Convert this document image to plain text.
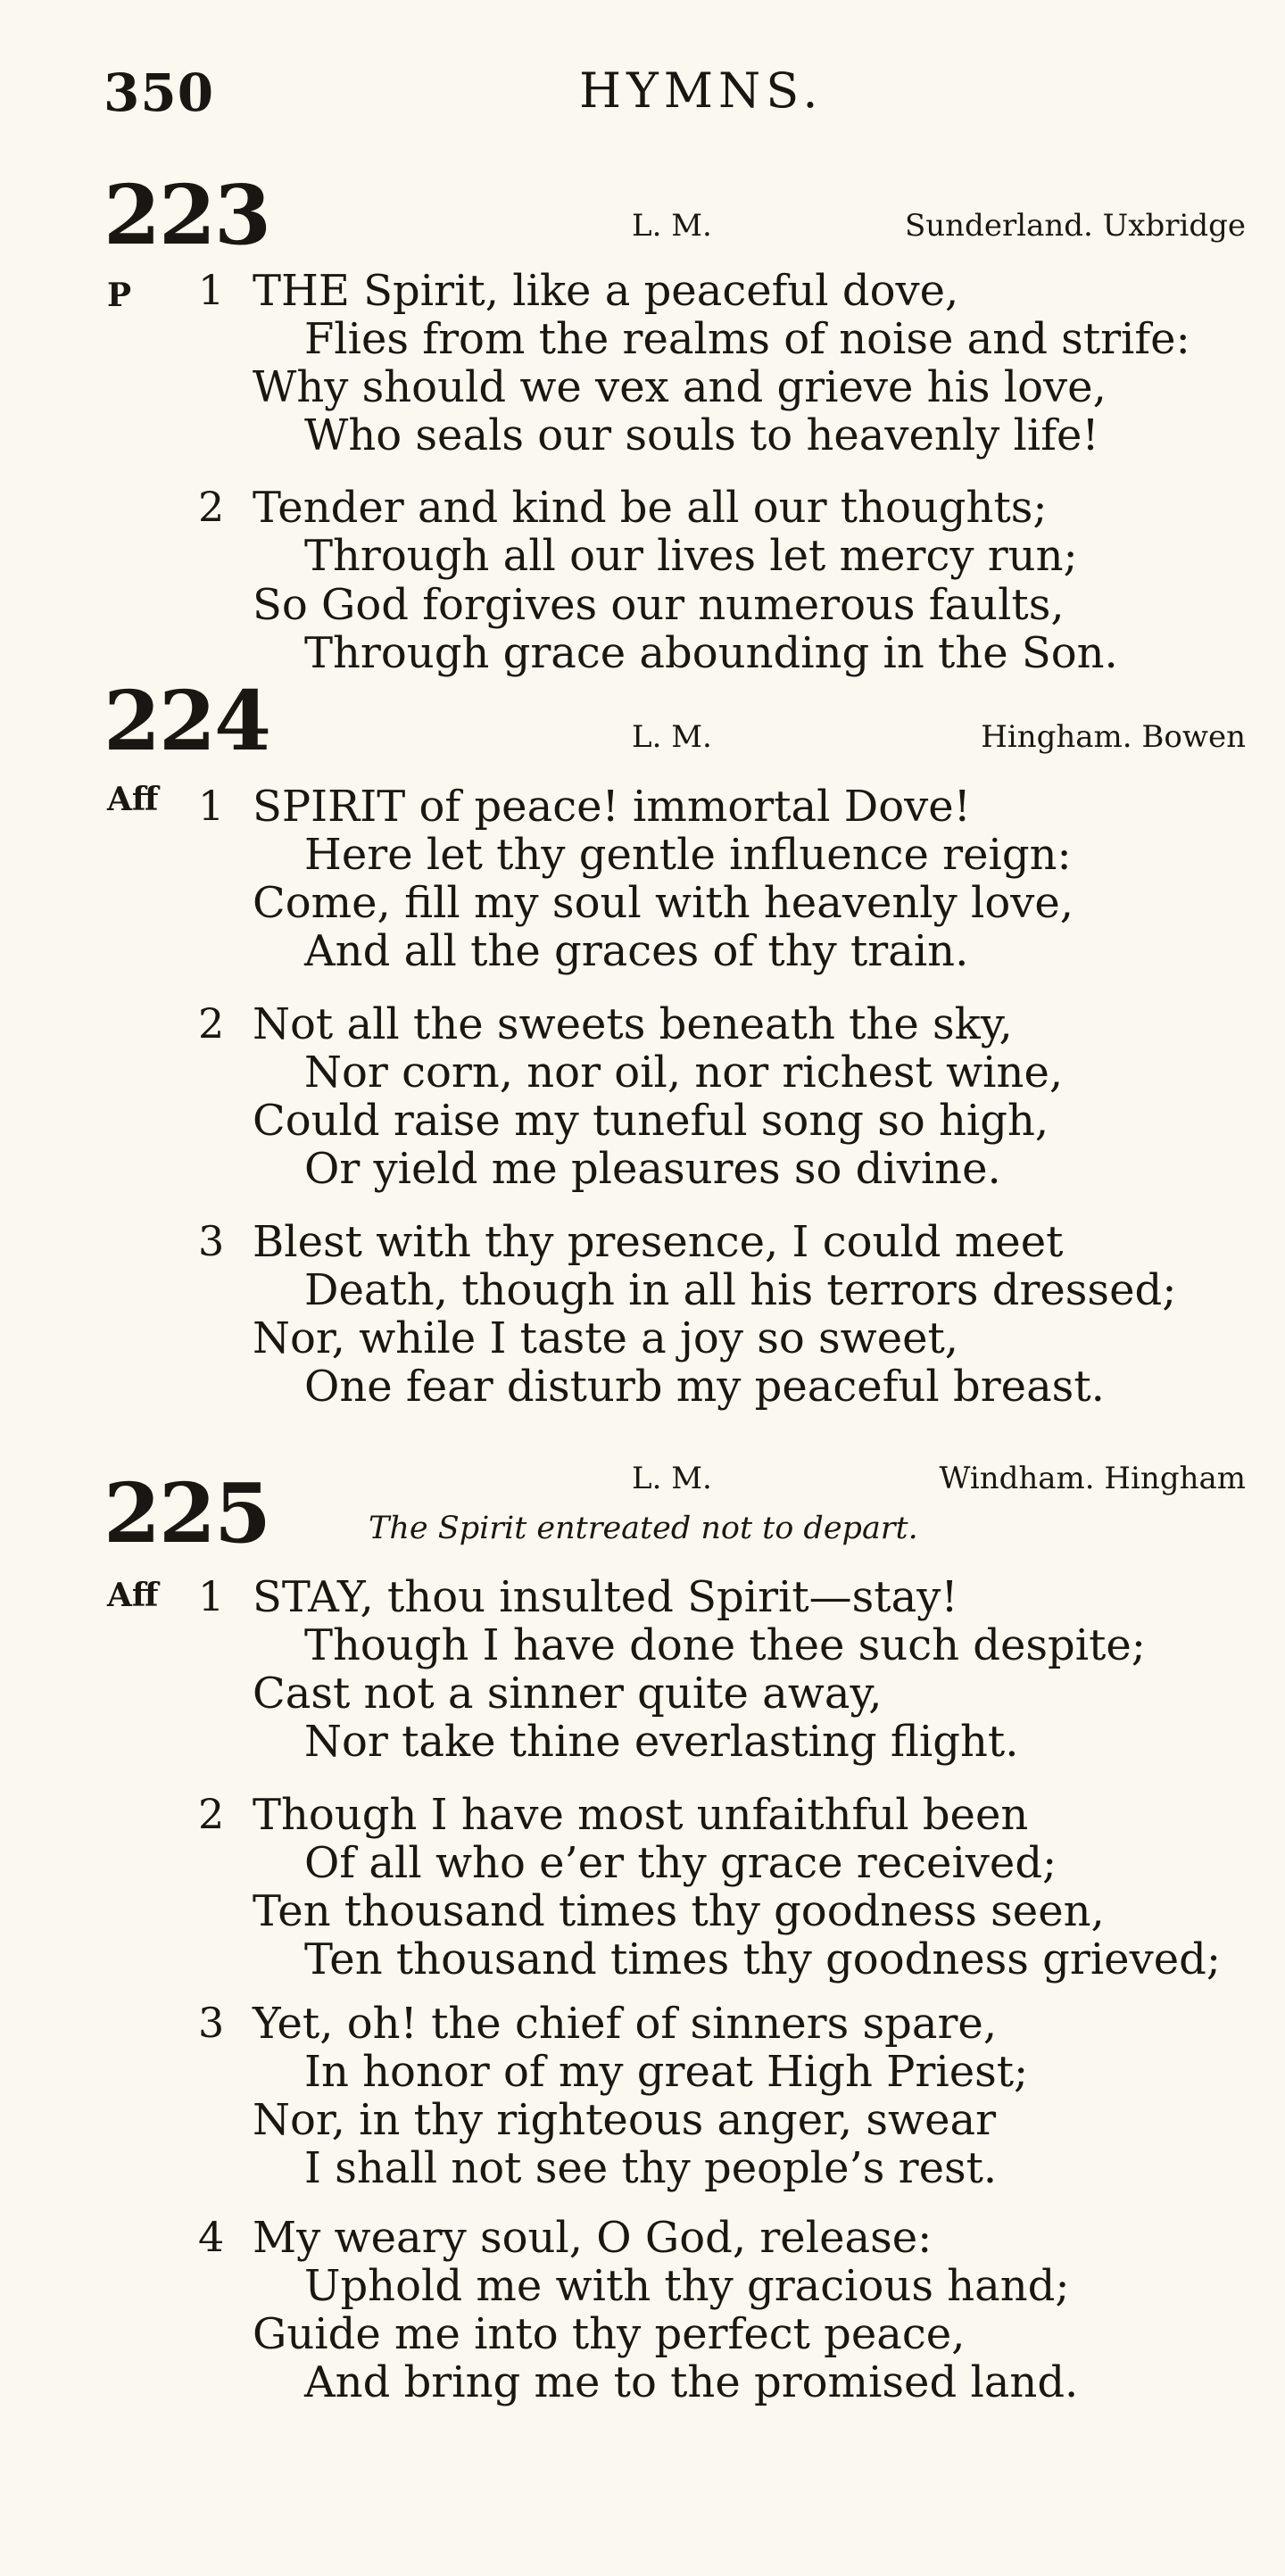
350	HYMNS.
223	L. M.	Sunderland. Uxbridge
P 1 THE Spirit, like a peaceful dove,
Flies from the realms of noise and strife:
Why should we vex and grieve his love,
Who seals our souls to heavenly life!
2 Tender and kind be all our thoughts;
Through all our lives let mercy run;
So God forgives our numerous faults,
Through grace abounding in the Son.
224	L. M.	Hingham. Bowen
Aff 1 SPIRIT of peace! immortal Dove!
Here let thy gentle influence reign:
Come, fill my soul with heavenly love,
And all the graces of thy train.
2 Not all the sweets beneath the sky,
Nor corn, nor oil, nor richest wine,
Could raise my tuneful song so high,
Or yield me pleasures so divine.
3 Blest with thy presence, I could meet
Death, though in all his terrors dressed;
Nor, while I taste a joy so sweet,
One fear disturb my peaceful breast.
L. M.	Windham. Hingham
225	The Spirit entreated not to depart.
Aff 1 STAY, thou insulted Spirit—stay!
Though I have done thee such despite;
Cast not a sinner quite away,
Nor take thine everlasting flight.
2 Though I have most unfaithful been
Of all who e’er thy grace received;
Ten thousand times thy goodness seen,
Ten thousand times thy goodness grieved;
3 Yet, oh! the chief of sinners spare,
In honor of my great High Priest;
Nor, in thy righteous anger, swear
I shall not see thy people’s rest.
4 My weary soul, O God, release:
Uphold me with thy gracious hand;
Guide me into thy perfect peace,
And bring me to the promised land.
